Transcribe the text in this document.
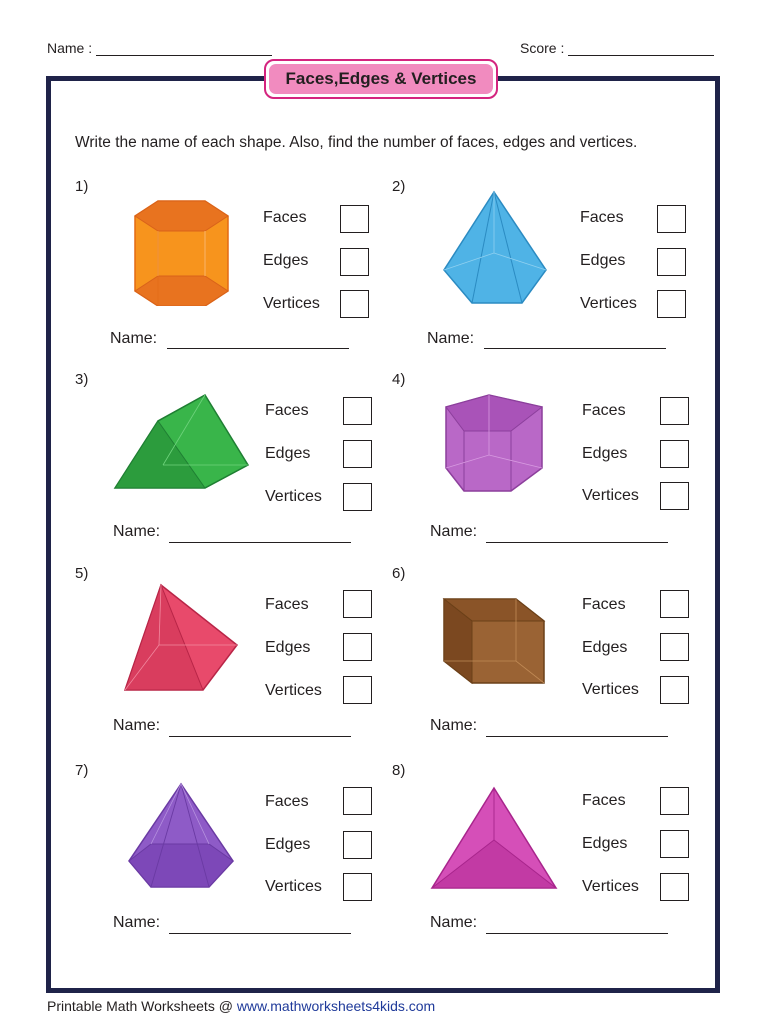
Name :	Score :
Faces,Edges & Vertices
Write the name of each shape. Also, find the number of faces, edges and vertices.
1)
Faces
Edges
Vertices
Name:
2)
Faces
Edges
Vertices
Name:
3)
Faces
Edges
Vertices
Name:
4)
Faces
Edges
Vertices
Name:
5)
Faces
Edges
Vertices
Name:
6)
Faces
Edges
Vertices
Name:
7)
Faces
Edges
Vertices
Name:
8)
Faces
Edges
Vertices
Name:
Printable Math Worksheets @ www.mathworksheets4kids.com
